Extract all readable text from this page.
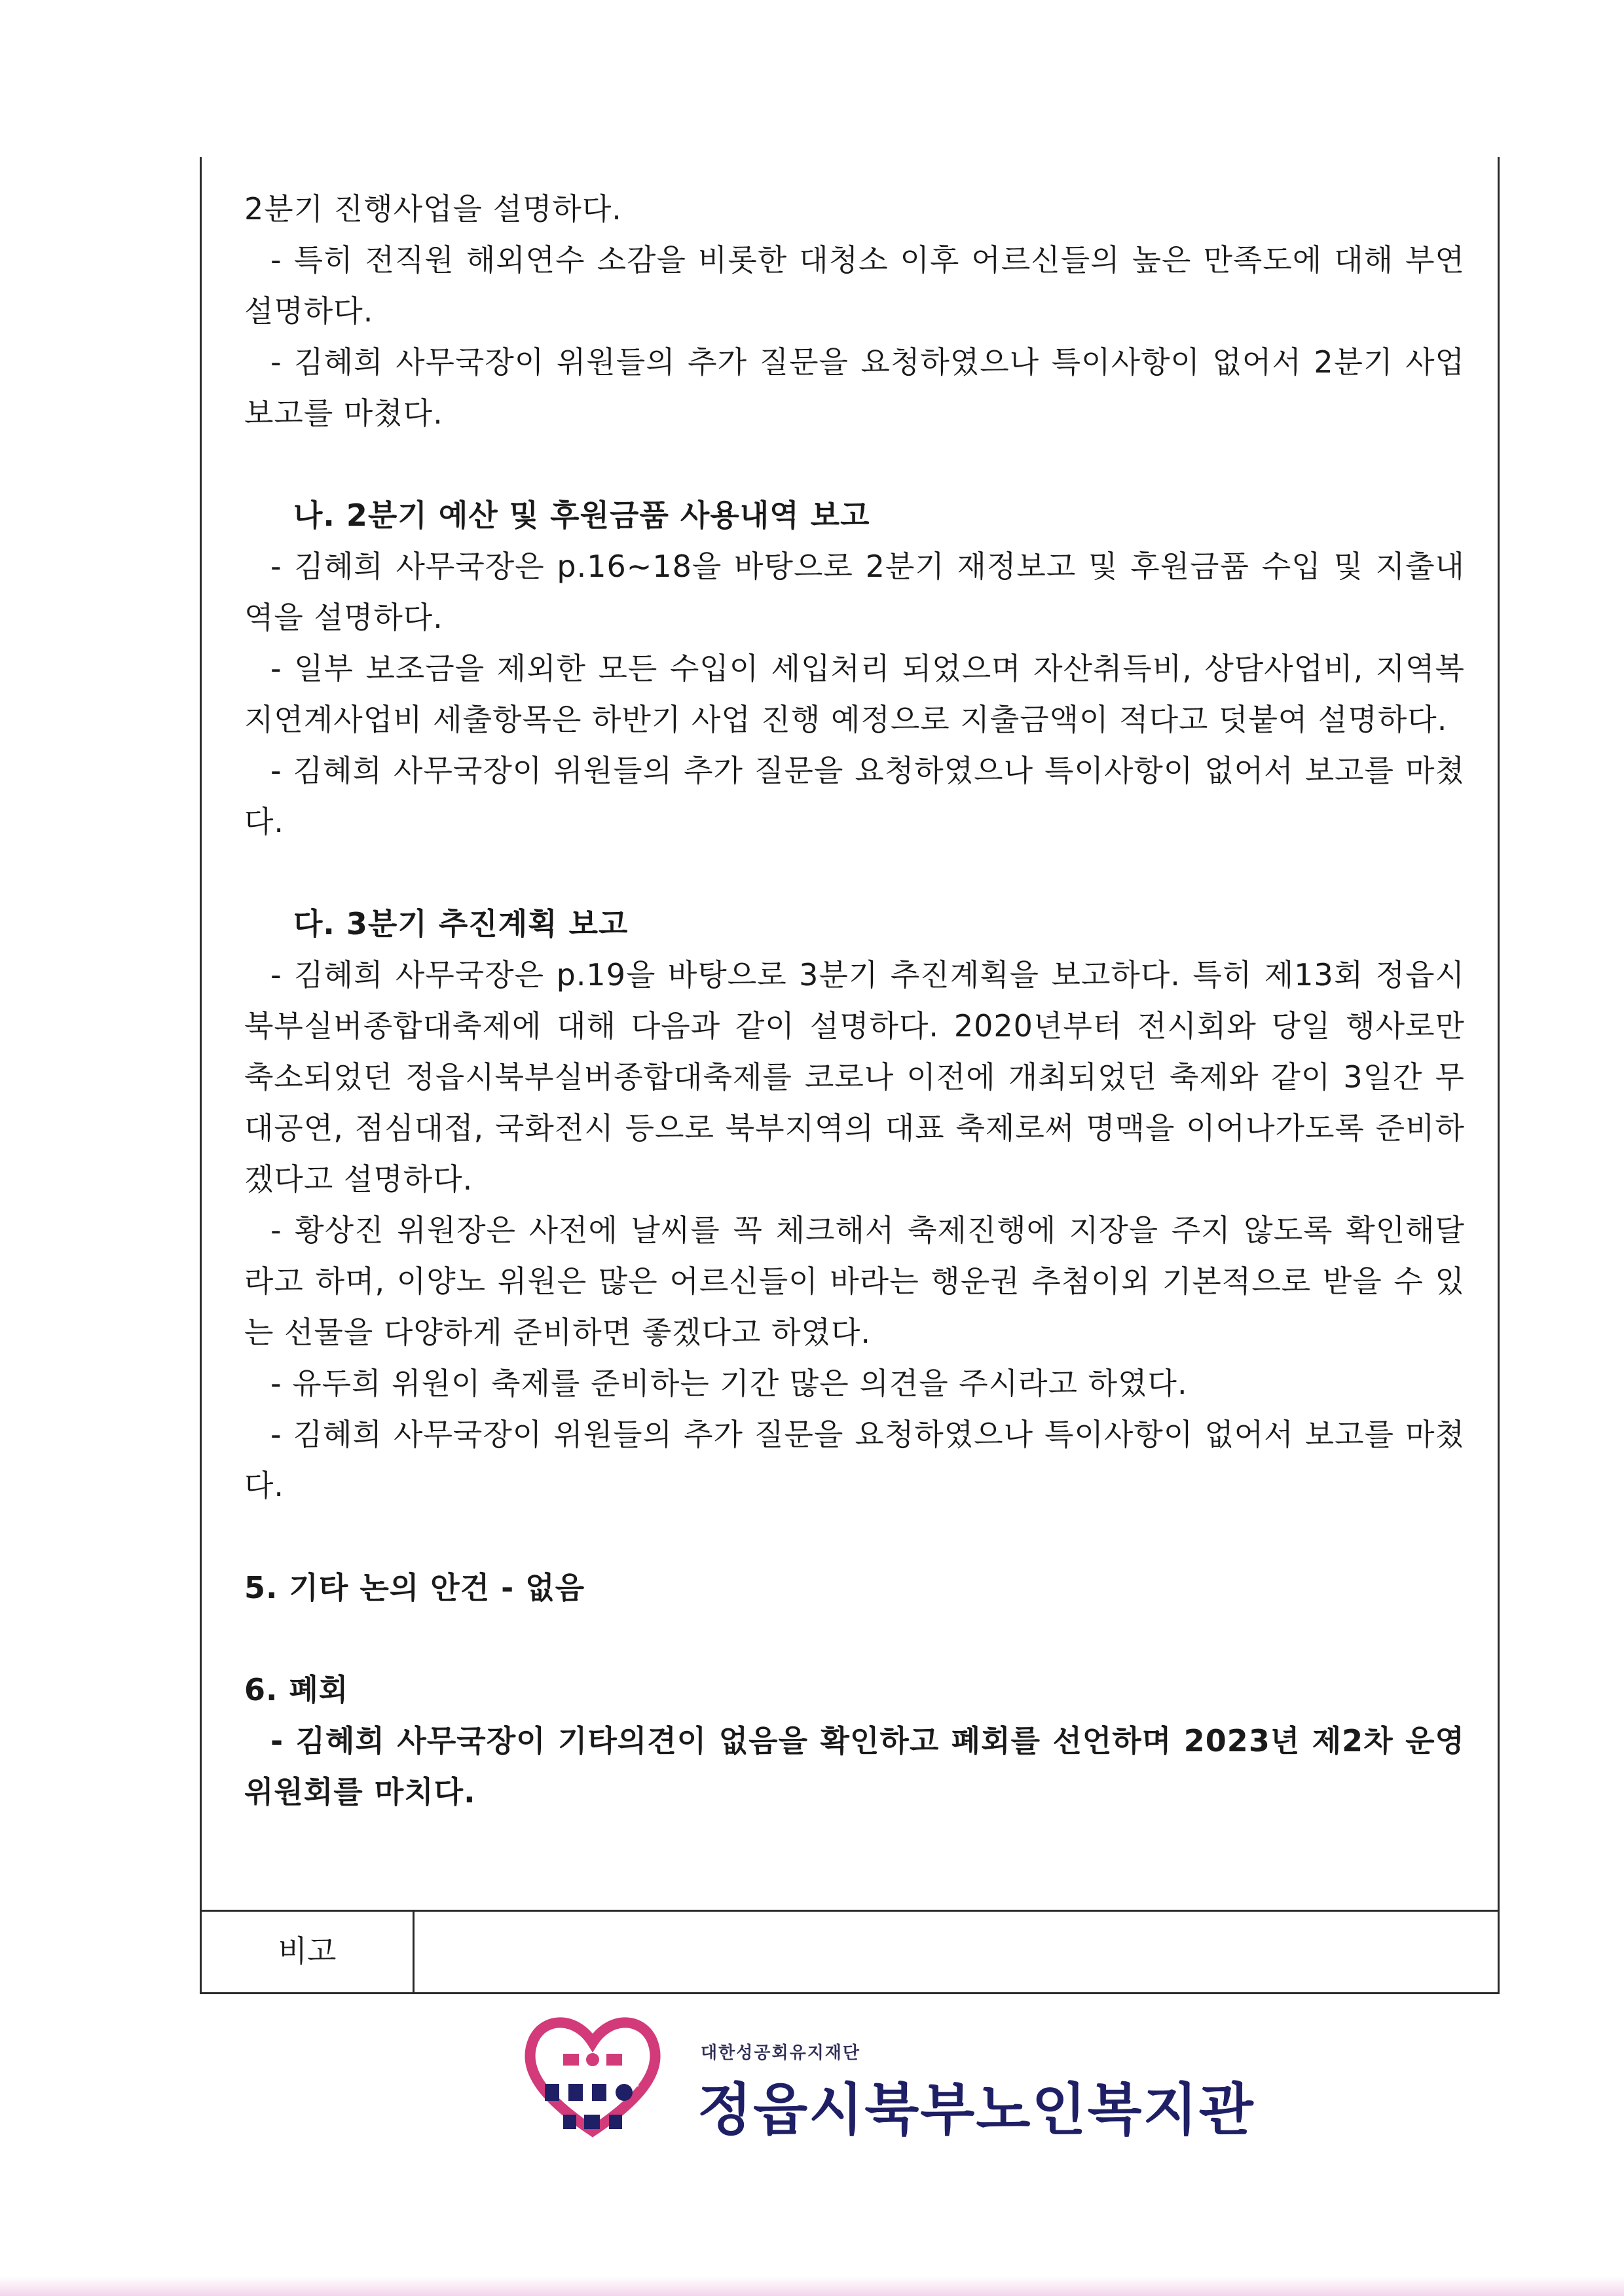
2분기 진행사업을 설명하다.

- 특히 전직원 해외연수 소감을 비롯한 대청소 이후 어르신들의 높은 만족도에 대해 부연 설명하다.

- 김혜희 사무국장이 위원들의 추가 질문을 요청하였으나 특이사항이 없어서 2분기 사업보고를 마쳤다.

나. 2분기 예산 및 후원금품 사용내역 보고

- 김혜희 사무국장은 p.16~18을 바탕으로 2분기 재정보고 및 후원금품 수입 및 지출내역을 설명하다.

- 일부 보조금을 제외한 모든 수입이 세입처리 되었으며 자산취득비, 상담사업비, 지역복지연계사업비 세출항목은 하반기 사업 진행 예정으로 지출금액이 적다고 덧붙여 설명하다.

- 김혜희 사무국장이 위원들의 추가 질문을 요청하였으나 특이사항이 없어서 보고를 마쳤다.

다. 3분기 추진계획 보고

- 김혜희 사무국장은 p.19을 바탕으로 3분기 추진계획을 보고하다. 특히 제13회 정읍시북부실버종합대축제에 대해 다음과 같이 설명하다. 2020년부터 전시회와 당일 행사로만 축소되었던 정읍시북부실버종합대축제를 코로나 이전에 개최되었던 축제와 같이 3일간 무대공연, 점심대접, 국화전시 등으로 북부지역의 대표 축제로써 명맥을 이어나가도록 준비하겠다고 설명하다.

- 황상진 위원장은 사전에 날씨를 꼭 체크해서 축제진행에 지장을 주지 않도록 확인해달라고 하며, 이양노 위원은 많은 어르신들이 바라는 행운권 추첨이외 기본적으로 받을 수 있는 선물을 다양하게 준비하면 좋겠다고 하였다.

- 유두희 위원이 축제를 준비하는 기간 많은 의견을 주시라고 하였다.

- 김혜희 사무국장이 위원들의 추가 질문을 요청하였으나 특이사항이 없어서 보고를 마쳤다.

5. 기타 논의 안건 - 없음

6. 폐회

- 김혜희 사무국장이 기타의견이 없음을 확인하고 폐회를 선언하며 2023년 제2차 운영위원회를 마치다.

비고
대한성공회유지재단
정읍시북부노인복지관
